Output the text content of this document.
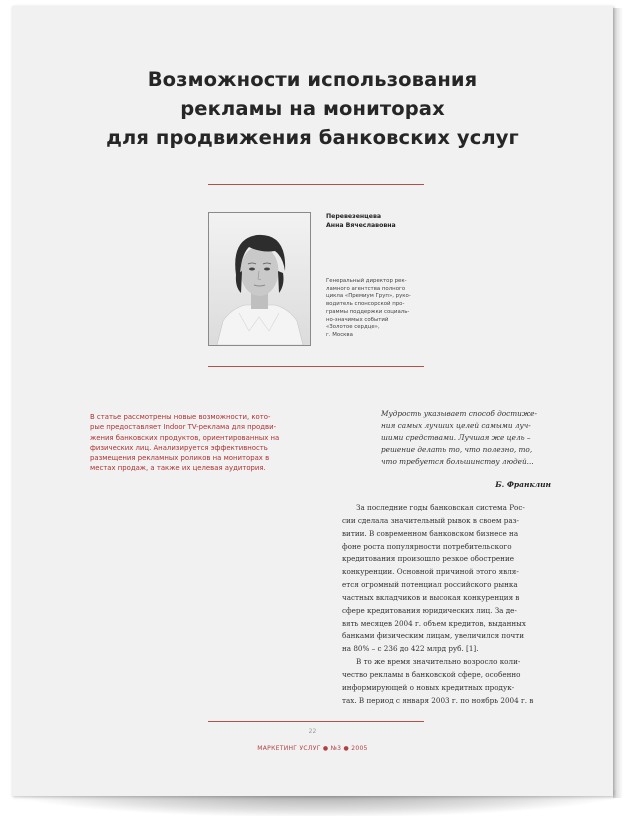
Возможности использования
рекламы на мониторах
для продвижения банковских услуг
Перевезенцева
Анна Вячеславовна
Генеральный директор рек-
ламного агентства полного
цикла «Премиум Груп», руко-
водитель спонсорской про-
граммы поддержки социаль-
но-значимых событий
«Золотое сердце»,
г. Москва
В статье рассмотрены новые возможности, кото-
рые предоставляет Indoor TV-реклама для продви-
жения банковских продуктов, ориентированных на
физических лиц. Анализируется эффективность
размещения рекламных роликов на мониторах в
местах продаж, а также их целевая аудитория.
Мудрость указывает способ достиже-
ния самых лучших целей самыми луч-
шими средствами. Лучшая же цель –
решение делать то, что полезно, то,
что требуется большинству людей...
Б. Франклин
За последние годы банковская система Рос-
сии сделала значительный рывок в своем раз-
витии. В современном банковском бизнесе на
фоне роста популярности потребительского
кредитования произошло резкое обострение
конкуренции. Основной причиной этого явля-
ется огромный потенциал российского рынка
частных вкладчиков и высокая конкуренция в
сфере кредитования юридических лиц. За де-
вять месяцев 2004 г. объем кредитов, выданных
банками физическим лицам, увеличился почти
на 80% – с 236 до 422 млрд руб. [1].
В то же время значительно возросло коли-
чество рекламы в банковской сфере, особенно
информирующей о новых кредитных продук-
тах. В период с января 2003 г. по ноябрь 2004 г. в
22
МАРКЕТИНГ УСЛУГ ● №3 ● 2005
